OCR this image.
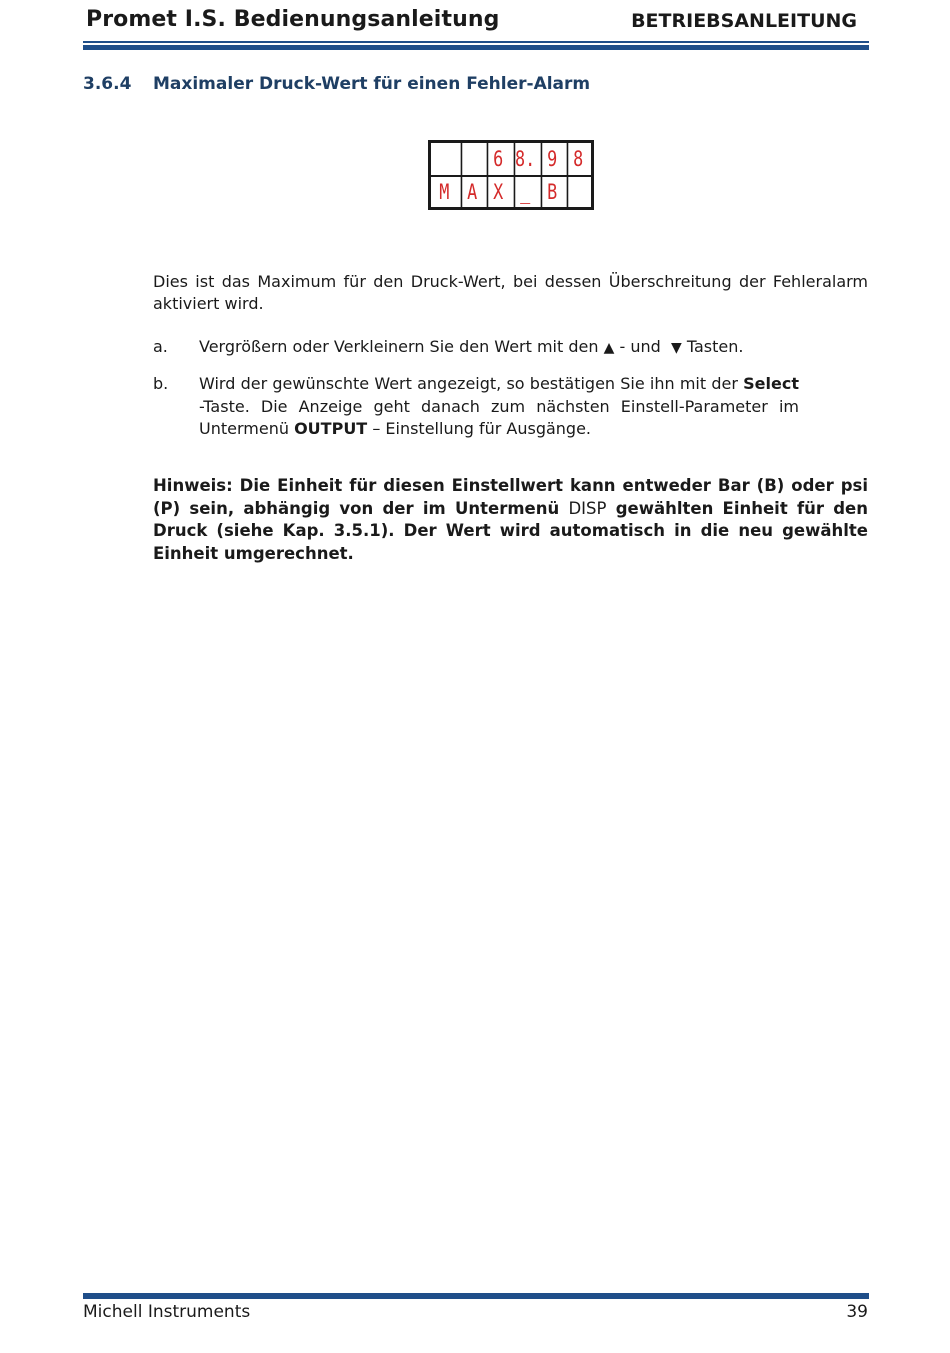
Promet I.S. Bedienungsanleitung	BETRIEBSANLEITUNG
3.6.4 Maximaler Druck-Wert für einen Fehler-Alarm
6 8. 9 8
M A X _ B
Dies ist das Maximum für den Druck-Wert, bei dessen Überschreitung der Fehleralarm aktiviert wird.
a. Vergrößern oder Verkleinern Sie den Wert mit den ▲ - und ▼ Tasten.
b. Wird der gewünschte Wert angezeigt, so bestätigen Sie ihn mit der Select -Taste. Die Anzeige geht danach zum nächsten Einstell-Parameter im Untermenü OUTPUT – Einstellung für Ausgänge.
Hinweis: Die Einheit für diesen Einstellwert kann entweder Bar (B) oder psi (P) sein, abhängig von der im Untermenü DISP gewählten Einheit für den Druck (siehe Kap. 3.5.1). Der Wert wird automatisch in die neu gewählte Einheit umgerechnet.
Michell Instruments	39
